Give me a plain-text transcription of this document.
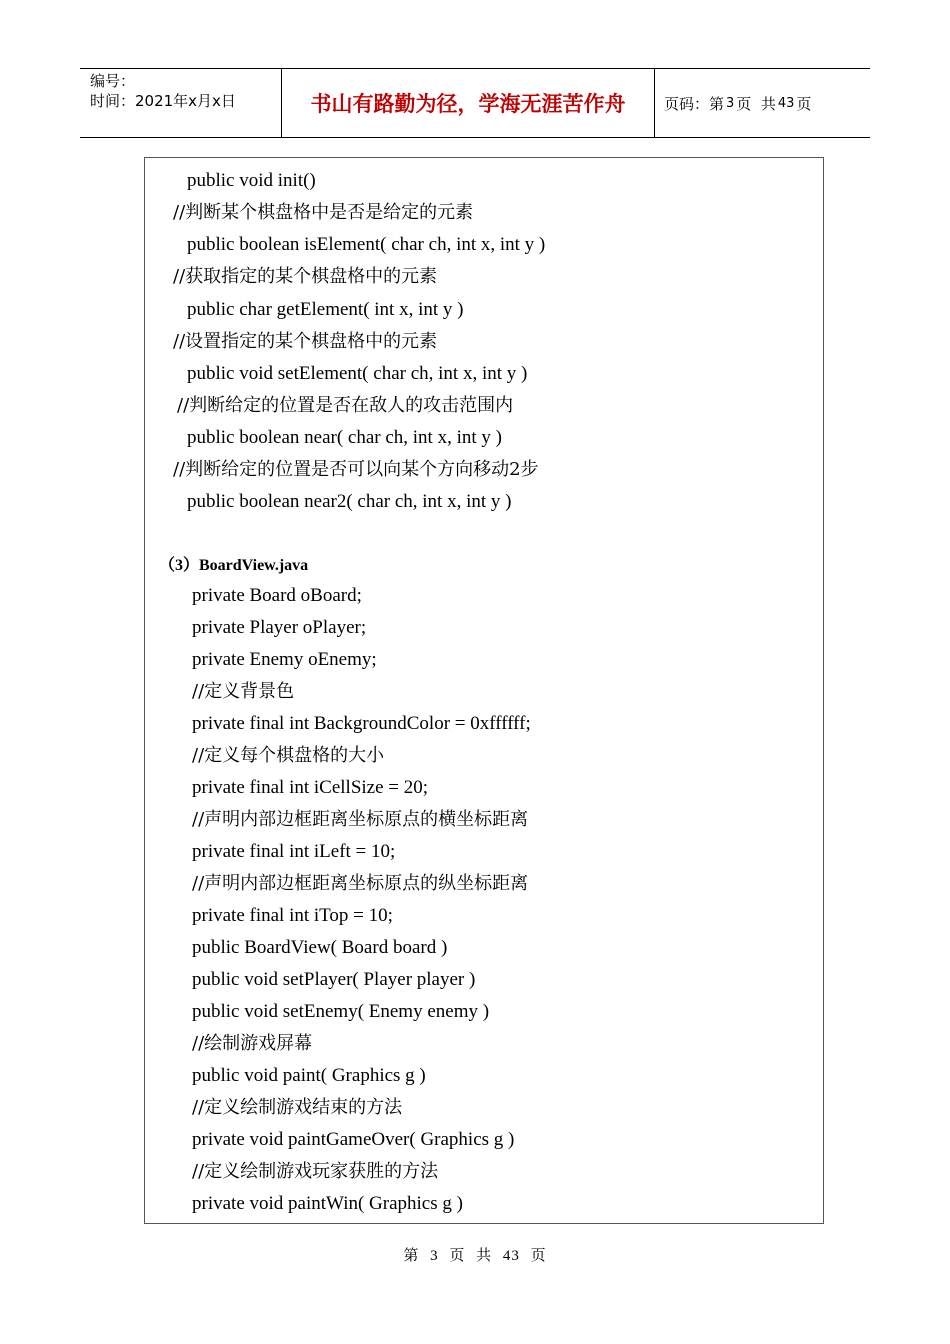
编号：
时间：2021年x月x日	书山有路勤为径，学海无涯苦作舟	页码：第 3 页  共 43 页
public void init()
//判断某个棋盘格中是否是给定的元素
public boolean isElement( char ch, int x, int y )
//获取指定的某个棋盘格中的元素
public char getElement( int x, int y )
//设置指定的某个棋盘格中的元素
public void setElement( char ch, int x, int y )
//判断给定的位置是否在敌人的攻击范围内
public boolean near( char ch, int x, int y )
//判断给定的位置是否可以向某个方向移动2步
public boolean near2( char ch, int x, int y )
（3）BoardView.java
private Board oBoard;
private Player oPlayer;
private Enemy oEnemy;
//定义背景色
private final int BackgroundColor = 0xffffff;
//定义每个棋盘格的大小
private final int iCellSize = 20;
//声明内部边框距离坐标原点的横坐标距离
private final int iLeft = 10;
//声明内部边框距离坐标原点的纵坐标距离
private final int iTop = 10;
public BoardView( Board board )
public void setPlayer( Player player )
public void setEnemy( Enemy enemy )
//绘制游戏屏幕
public void paint( Graphics g )
//定义绘制游戏结束的方法
private void paintGameOver( Graphics g )
//定义绘制游戏玩家获胜的方法
private void paintWin( Graphics g )
第 3 页 共 43 页
